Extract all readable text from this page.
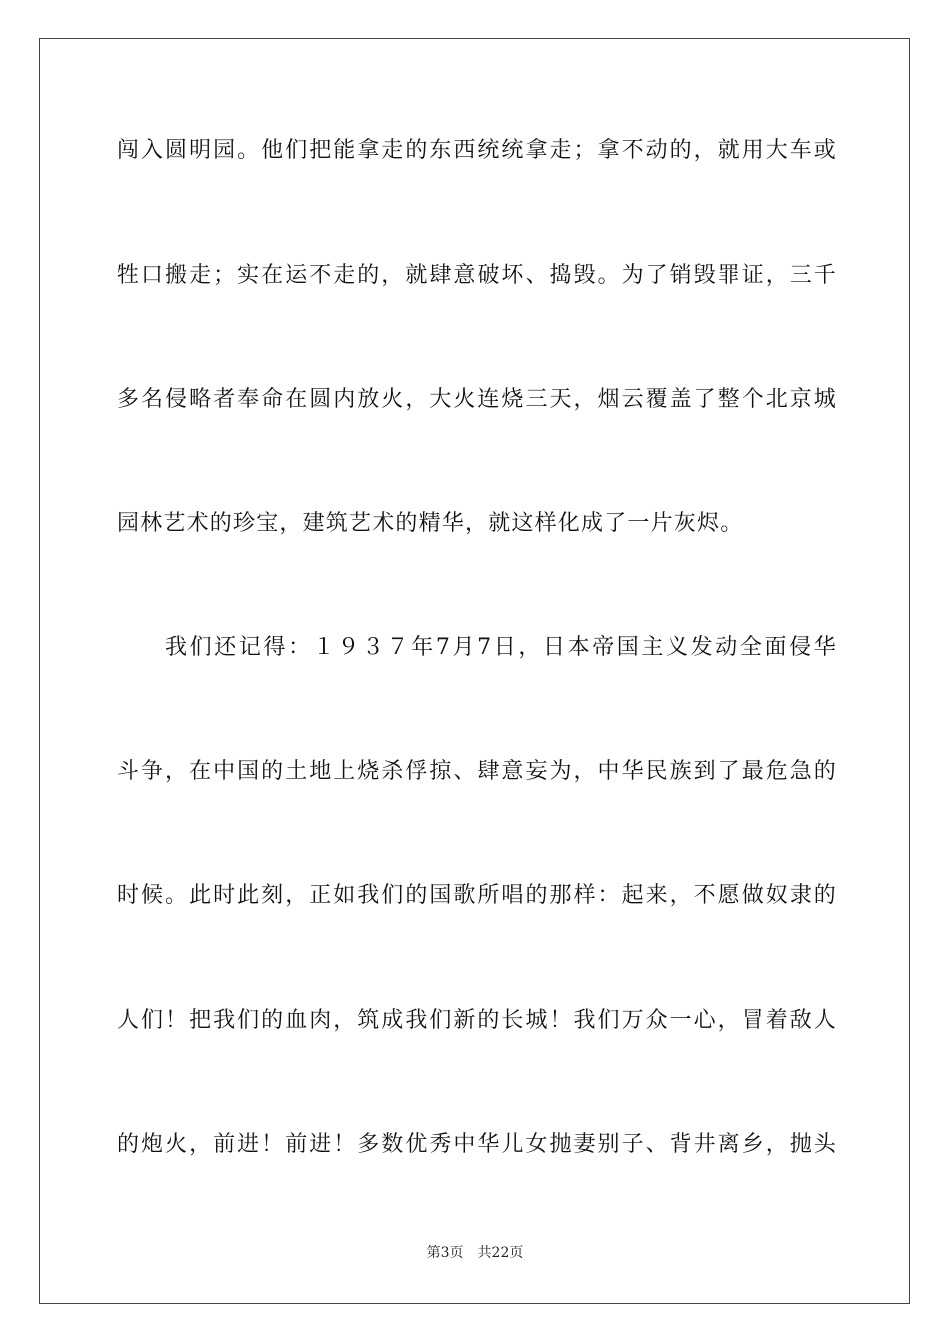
闯入圆明园。他们把能拿走的东西统统拿走；拿不动的，就用大车或
牲口搬走；实在运不走的，就肆意破坏、捣毁。为了销毁罪证，三千
多名侵略者奉命在圆内放火，大火连烧三天，烟云覆盖了整个北京城
园林艺术的珍宝，建筑艺术的精华，就这样化成了一片灰烬。
我们还记得：１９３７年7月7日，日本帝国主义发动全面侵华
斗争，在中国的土地上烧杀俘掠、肆意妄为，中华民族到了最危急的
时候。此时此刻，正如我们的国歌所唱的那样：起来，不愿做奴隶的
人们！把我们的血肉，筑成我们新的长城！我们万众一心，冒着敌人
的炮火，前进！前进！多数优秀中华儿女抛妻别子、背井离乡，抛头
第3页 共22页
